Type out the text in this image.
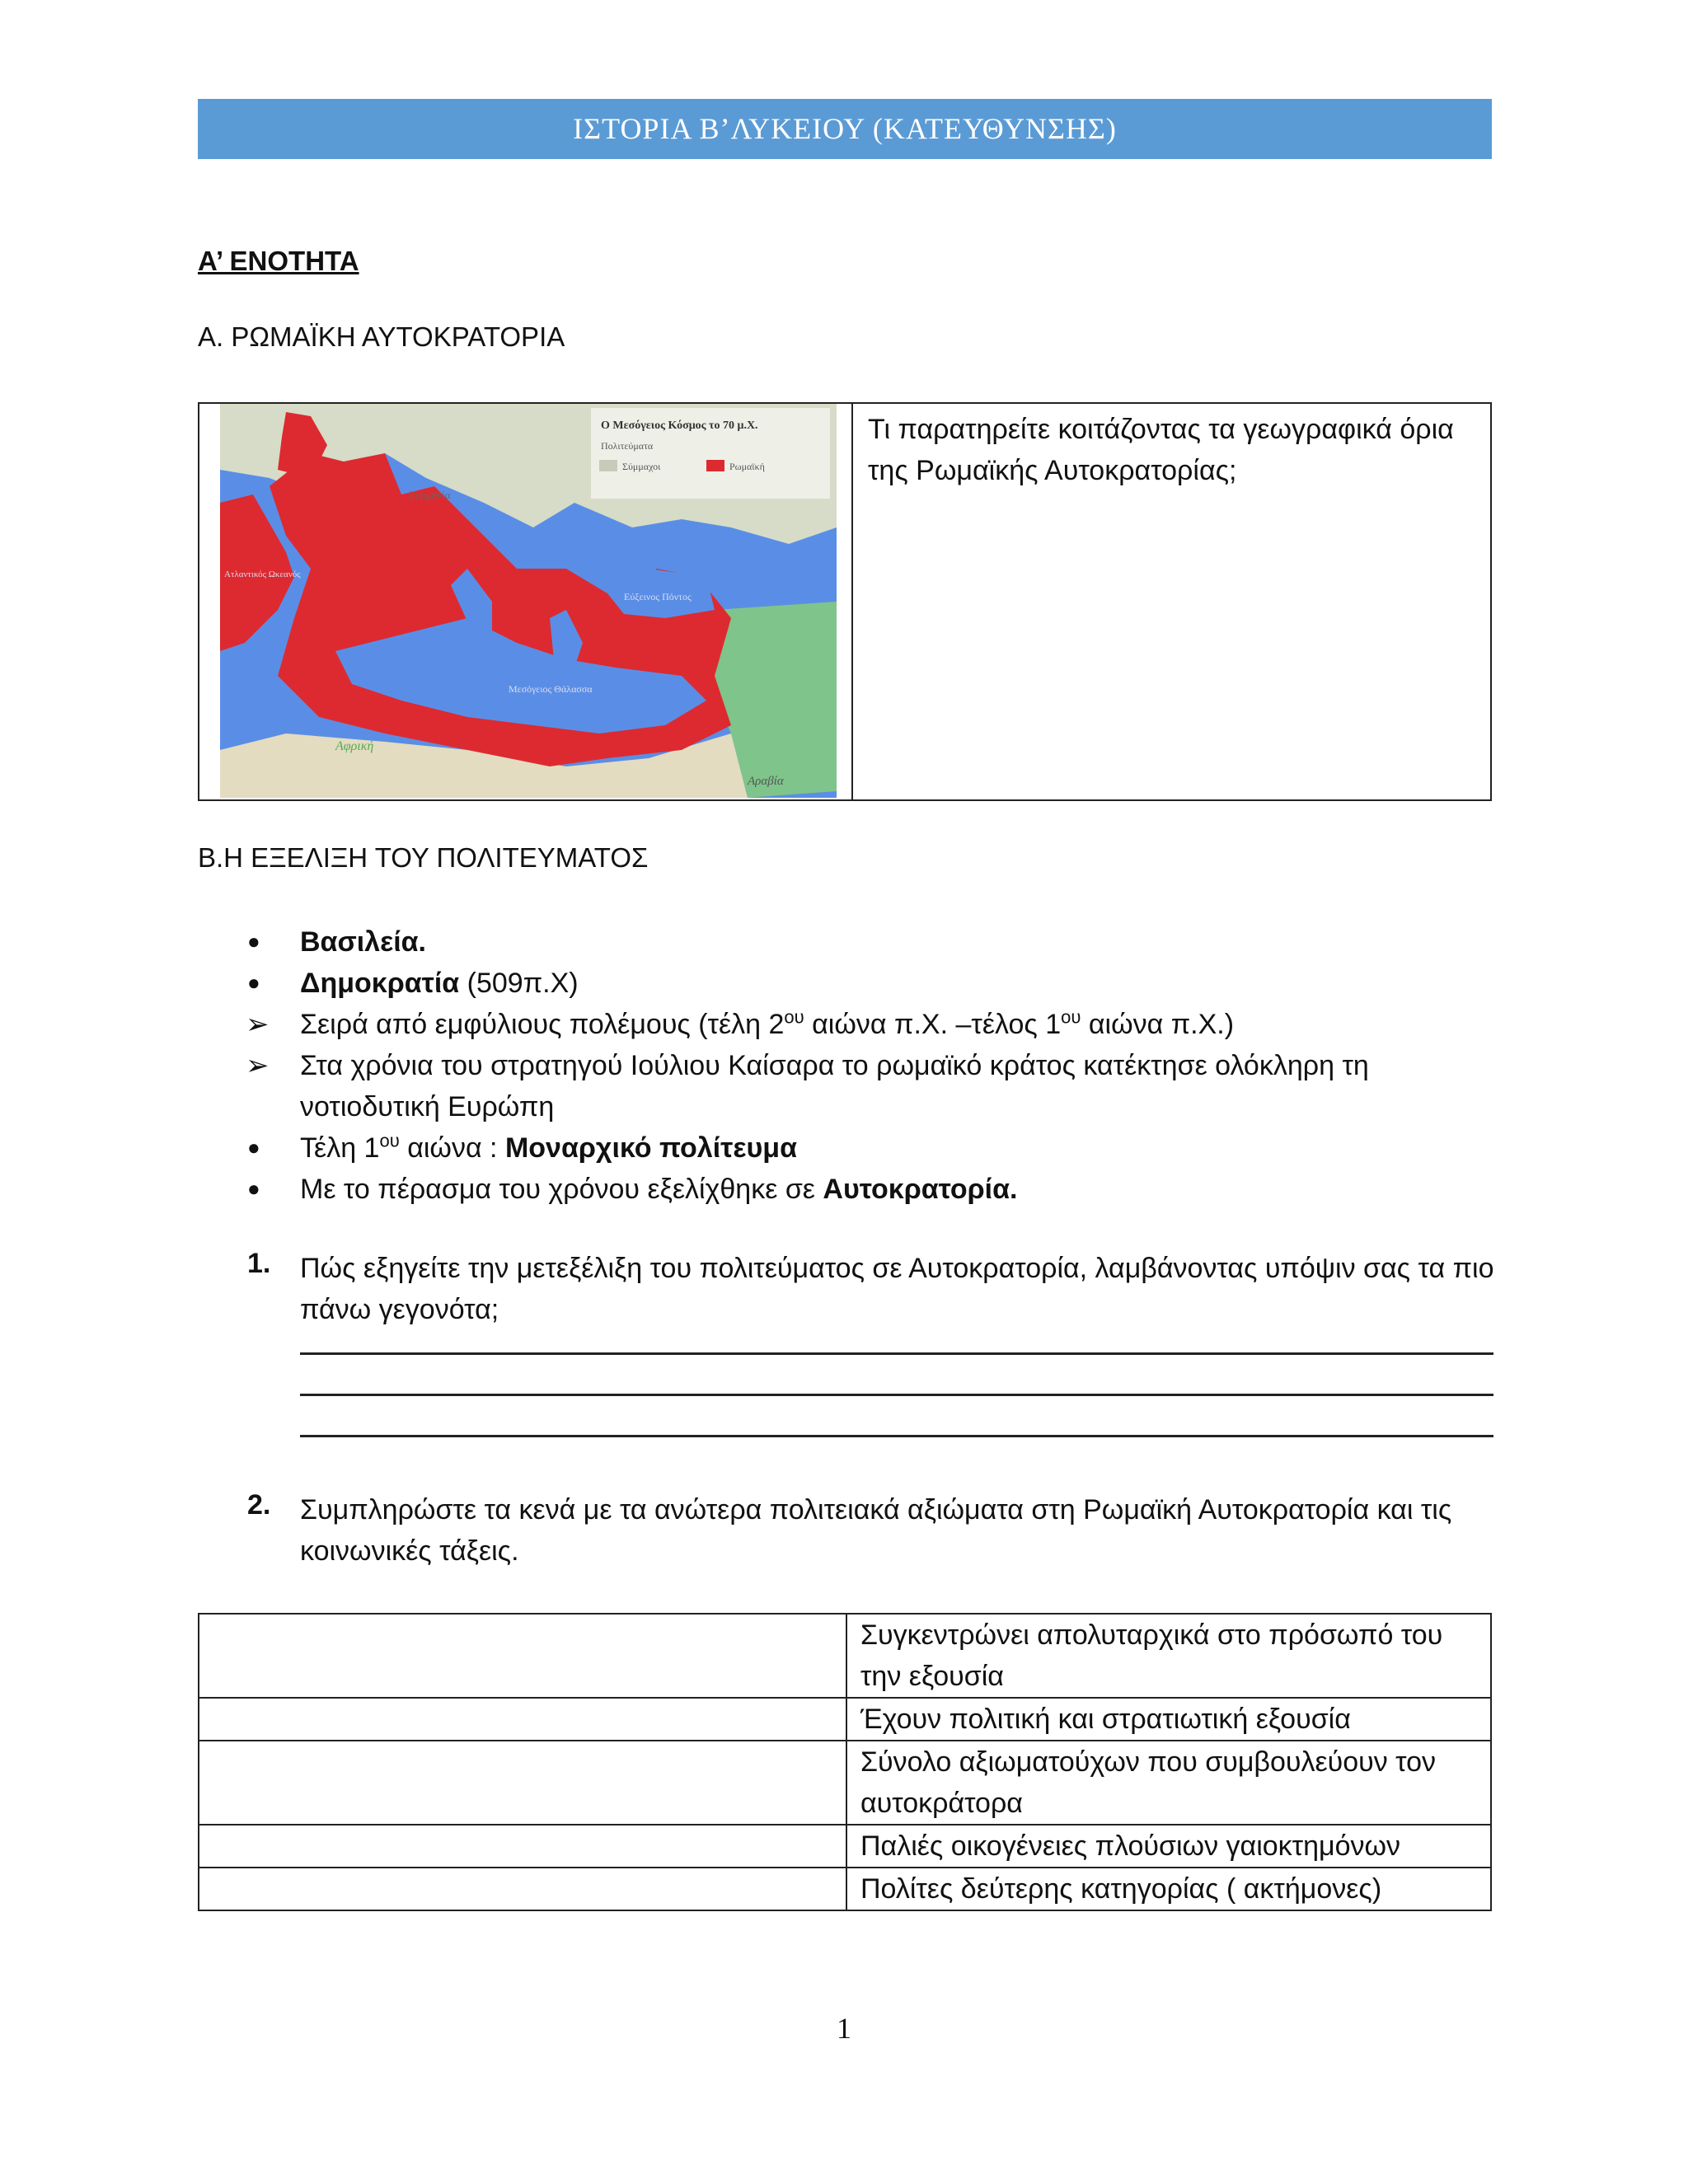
ΙΣΤΟΡΙΑ Β’ΛΥΚΕΙΟΥ (ΚΑΤΕΥΘΥΝΣΗΣ)
Α’ ΕΝΟΤΗΤΑ
Α. ΡΩΜΑΪΚΗ ΑΥΤΟΚΡΑΤΟΡΙΑ
Ο Μεσόγειος Κόσμος το 70 μ.Χ.
Πολιτεύματα
Σύμμαχοι	Ρωμαϊκή
Αφρική
Αραβία
Γερμανία
Ατλαντικός Ωκεανός
Εύξεινος Πόντος
Μεσόγειος Θάλασσα
Τι παρατηρείτε κοιτάζοντας τα γεωγραφικά όρια της Ρωμαϊκής Αυτοκρατορίας;
Β.Η ΕΞΕΛΙΞΗ ΤΟΥ ΠΟΛΙΤΕΥΜΑΤΟΣ
● Βασιλεία.
● Δημοκρατία (509π.Χ)
➢ Σειρά από εμφύλιους πολέμους (τέλη $2^{o\upsilon}$ αιώνα π.Χ. –τέλος $1^{o\upsilon}$ αιώνα π.Χ.)
➢ Στα χρόνια του στρατηγού Ιούλιου Καίσαρα το ρωμαϊκό κράτος κατέκτησε ολόκληρη τη νοτιοδυτική Ευρώπη
● Τέλη $1^{o\upsilon}$ αιώνα : Μοναρχικό πολίτευμα
● Με το πέρασμα του χρόνου εξελίχθηκε σε Αυτοκρατορία.
1. Πώς εξηγείτε την μετεξέλιξη του πολιτεύματος σε Αυτοκρατορία, λαμβάνοντας υπόψιν σας τα πιο πάνω γεγονότα;
2. Συμπληρώστε τα κενά με τα ανώτερα πολιτειακά αξιώματα στη Ρωμαϊκή Αυτοκρατορία και τις κοινωνικές τάξεις.
	Συγκεντρώνει απολυταρχικά στο πρόσωπό του την εξουσία
	Έχουν πολιτική και στρατιωτική εξουσία
	Σύνολο αξιωματούχων που συμβουλεύουν τον αυτοκράτορα
	Παλιές οικογένειες πλούσιων γαιοκτημόνων
	Πολίτες δεύτερης κατηγορίας ( ακτήμονες)
1
